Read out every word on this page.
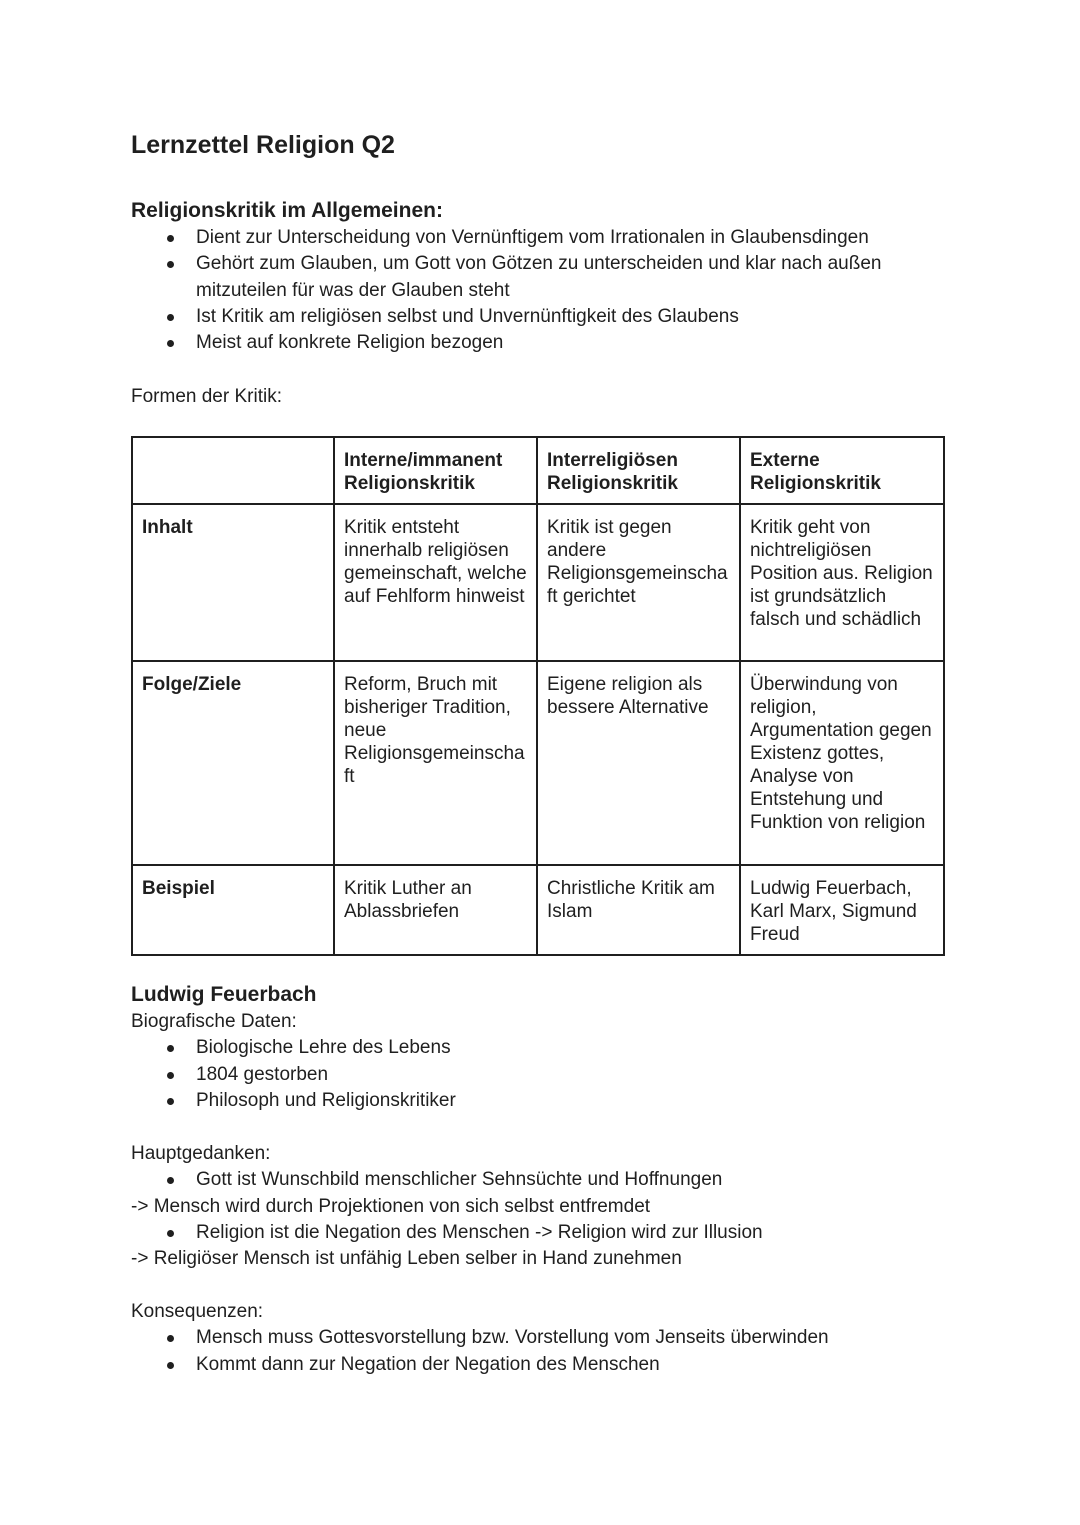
Lernzettel Religion Q2
Religionskritik im Allgemeinen:
Dient zur Unterscheidung von Vernünftigem vom Irrationalen in Glaubensdingen
Gehört zum Glauben, um Gott von Götzen zu unterscheiden und klar nach außen mitzuteilen für was der Glauben steht
Ist Kritik am religiösen selbst und Unvernünftigkeit des Glaubens
Meist auf konkrete Religion bezogen

Formen der Kritik:

	Interne/immanent Religionskritik	Interreligiösen Religionskritik	Externe Religionskritik
Inhalt	Kritik entsteht innerhalb religiösen gemeinschaft, welche auf Fehlform hinweist	Kritik ist gegen andere Religionsgemeinschaft gerichtet	Kritik geht von nichtreligiösen Position aus. Religion ist grundsätzlich falsch und schädlich
Folge/Ziele	Reform, Bruch mit bisheriger Tradition, neue Religionsgemeinschaft	Eigene religion als bessere Alternative	Überwindung von religion, Argumentation gegen Existenz gottes, Analyse von Entstehung und Funktion von religion
Beispiel	Kritik Luther an Ablassbriefen	Christliche Kritik am Islam	Ludwig Feuerbach, Karl Marx, Sigmund Freud
Ludwig Feuerbach

Biografische Daten:

Biologische Lehre des Lebens
1804 gestorben
Philosoph und Religionskritiker

Hauptgedanken:

Gott ist Wunschbild menschlicher Sehnsüchte und Hoffnungen

-> Mensch wird durch Projektionen von sich selbst entfremdet

Religion ist die Negation des Menschen -> Religion wird zur Illusion

-> Religiöser Mensch ist unfähig Leben selber in Hand zunehmen

Konsequenzen:

Mensch muss Gottesvorstellung bzw. Vorstellung vom Jenseits überwinden
Kommt dann zur Negation der Negation des Menschen
